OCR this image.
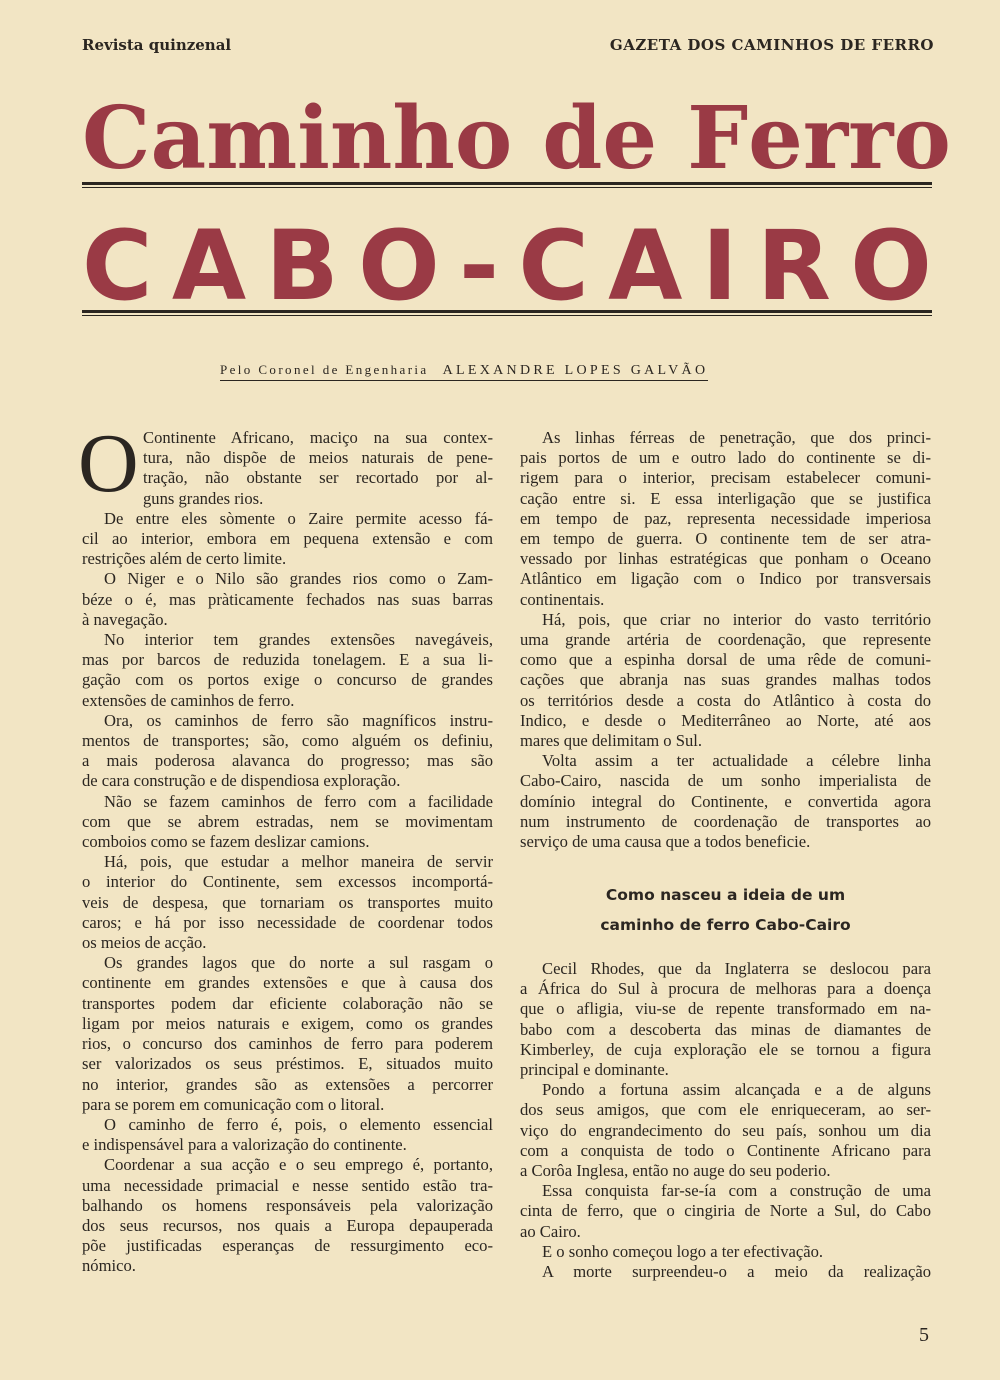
Revista quinzenal	GAZETA DOS CAMINHOS DE FERRO
C a m i n h o
d e
F e r r o
C A B O - C A I R O
Pelo Coronel de Engenharia ALEXANDRE LOPES GALVÃO
O Continente Africano, maciço na sua contex-
tura, não dispõe de meios naturais de pene-
tração, não obstante ser recortado por al-
guns grandes rios.
De entre eles sòmente o Zaire permite acesso fá-
cil ao interior, embora em pequena extensão e com
restrições além de certo limite.
O Niger e o Nilo são grandes rios como o Zam-
béze o é, mas pràticamente fechados nas suas barras
à navegação.
No interior tem grandes extensões navegáveis,
mas por barcos de reduzida tonelagem. E a sua li-
gação com os portos exige o concurso de grandes
extensões de caminhos de ferro.
Ora, os caminhos de ferro são magníficos instru-
mentos de transportes; são, como alguém os definiu,
a mais poderosa alavanca do progresso; mas são
de cara construção e de dispendiosa exploração.
Não se fazem caminhos de ferro com a facilidade
com que se abrem estradas, nem se movimentam
comboios como se fazem deslizar camions.
Há, pois, que estudar a melhor maneira de servir
o interior do Continente, sem excessos incomportá-
veis de despesa, que tornariam os transportes muito
caros; e há por isso necessidade de coordenar todos
os meios de acção.
Os grandes lagos que do norte a sul rasgam o
continente em grandes extensões e que à causa dos
transportes podem dar eficiente colaboração não se
ligam por meios naturais e exigem, como os grandes
rios, o concurso dos caminhos de ferro para poderem
ser valorizados os seus préstimos. E, situados muito
no interior, grandes são as extensões a percorrer
para se porem em comunicação com o litoral.
O caminho de ferro é, pois, o elemento essencial
e indispensável para a valorização do continente.
Coordenar a sua acção e o seu emprego é, portanto,
uma necessidade primacial e nesse sentido estão tra-
balhando os homens responsáveis pela valorização
dos seus recursos, nos quais a Europa depauperada
põe justificadas esperanças de ressurgimento eco-
nómico.
As linhas férreas de penetração, que dos princi-
pais portos de um e outro lado do continente se di-
rigem para o interior, precisam estabelecer comuni-
cação entre si. E essa interligação que se justifica
em tempo de paz, representa necessidade imperiosa
em tempo de guerra. O continente tem de ser atra-
vessado por linhas estratégicas que ponham o Oceano
Atlântico em ligação com o Indico por transversais
continentais.
Há, pois, que criar no interior do vasto território
uma grande artéria de coordenação, que represente
como que a espinha dorsal de uma rêde de comuni-
cações que abranja nas suas grandes malhas todos
os territórios desde a costa do Atlântico à costa do
Indico, e desde o Mediterrâneo ao Norte, até aos
mares que delimitam o Sul.
Volta assim a ter actualidade a célebre linha
Cabo-Cairo, nascida de um sonho imperialista de
domínio integral do Continente, e convertida agora
num instrumento de coordenação de transportes ao
serviço de uma causa que a todos beneficie.
Como nasceu a ideia de um
caminho de ferro Cabo-Cairo
Cecil Rhodes, que da Inglaterra se deslocou para
a África do Sul à procura de melhoras para a doença
que o afligia, viu-se de repente transformado em na-
babo com a descoberta das minas de diamantes de
Kimberley, de cuja exploração ele se tornou a figura
principal e dominante.
Pondo a fortuna assim alcançada e a de alguns
dos seus amigos, que com ele enriqueceram, ao ser-
viço do engrandecimento do seu país, sonhou um dia
com a conquista de todo o Continente Africano para
a Corôa Inglesa, então no auge do seu poderio.
Essa conquista far-se-ía com a construção de uma
cinta de ferro, que o cingiria de Norte a Sul, do Cabo
ao Cairo.
E o sonho começou logo a ter efectivação.
A morte surpreendeu-o a meio da realização
5
